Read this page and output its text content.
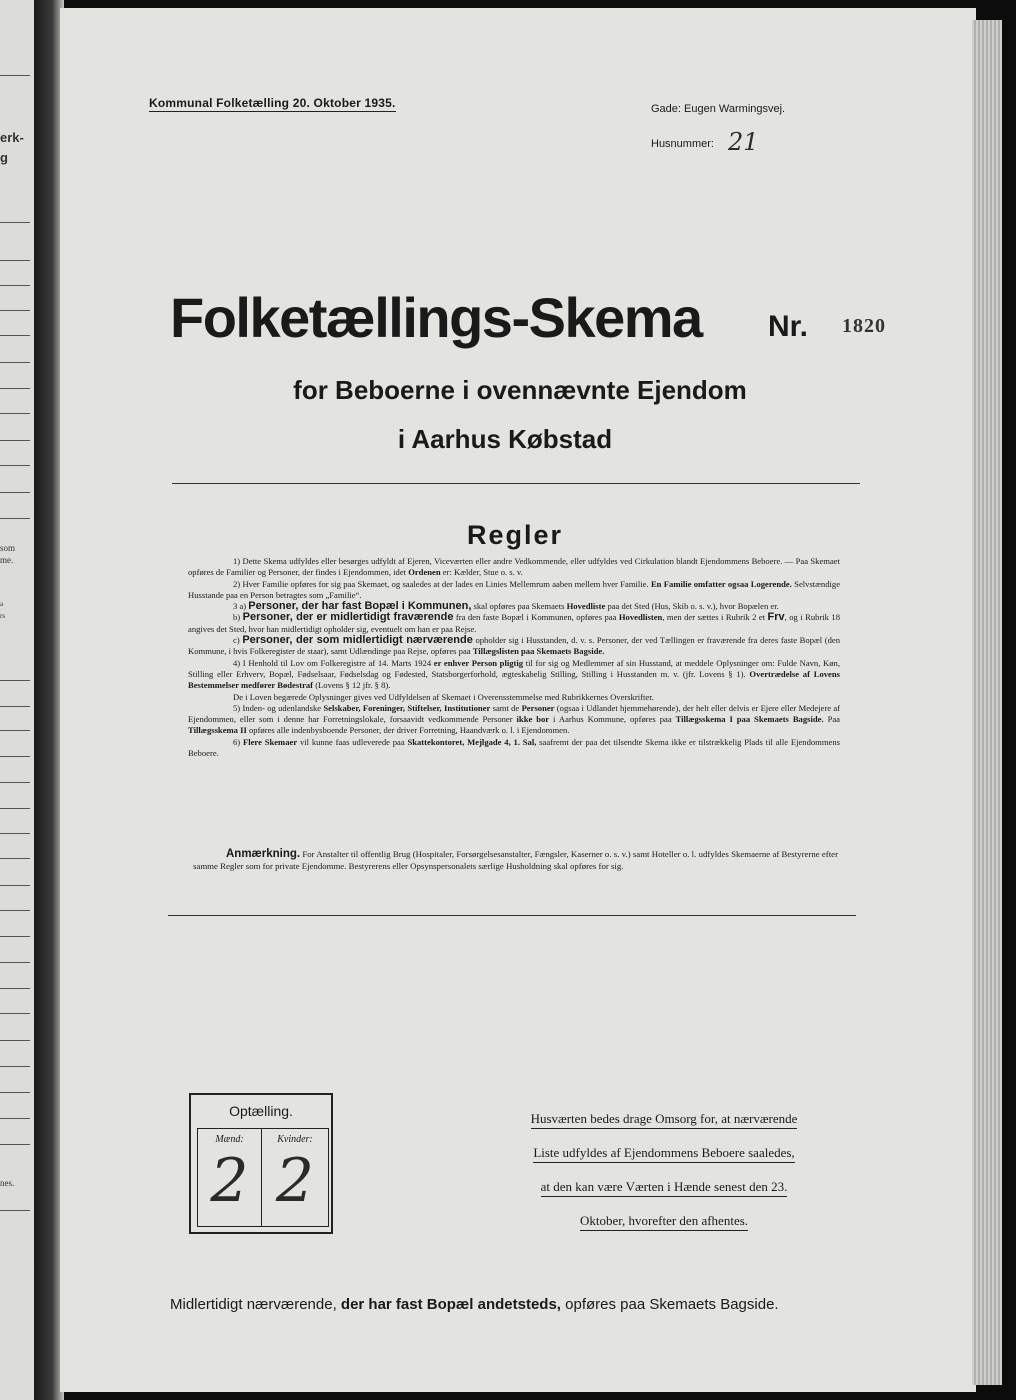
erk-
g
som
me.
a
rs
nes.
Kommunal Folketælling 20. Oktober 1935.	Gade: Eugen Warmingsvej.
Husnummer: 21
Folketællings-Skema Nr. 1820
for Beboerne i ovennævnte Ejendom
i Aarhus Købstad
Regler

1) Dette Skema udfyldes eller besørges udfyldt af Ejeren, Viceværten eller andre Vedkommende, eller udfyldes ved Cirkulation blandt Ejendommens Beboere. — Paa Skemaet opføres de Familier og Personer, der findes i Ejendommen, idet Ordenen er: Kælder, Stue o. s. v.

2) Hver Familie opføres for sig paa Skemaet, og saaledes at der lades en Linies Mellemrum aaben mellem hver Familie. En Familie omfatter ogsaa Logerende. Selvstændige Husstande paa en Person betragtes som „Familie“.

3 a) Personer, der har fast Bopæl i Kommunen, skal opføres paa Skemaets Hovedliste paa det Sted (Hus, Skib o. s. v.), hvor Bopælen er.

b) Personer, der er midlertidigt fraværende fra den faste Bopæl i Kommunen, opføres paa Hovedlisten, men der sættes i Rubrik 2 et Frv, og i Rubrik 18 angives det Sted, hvor han midlertidigt opholder sig, eventuelt om han er paa Rejse.

c) Personer, der som midlertidigt nærværende opholder sig i Husstanden, d. v. s. Personer, der ved Tællingen er fraværende fra deres faste Bopæl (den Kommune, i hvis Folkeregister de staar), samt Udlændinge paa Rejse, opføres paa Tillægslisten paa Skemaets Bagside.

4) I Henhold til Lov om Folkeregistre af 14. Marts 1924 er enhver Person pligtig til for sig og Medlemmer af sin Husstand, at meddele Oplysninger om: Fulde Navn, Køn, Stilling eller Erhverv, Bopæl, Fødselsaar, Fødselsdag og Fødested, Statsborgerforhold, ægteskabelig Stilling, Stilling i Husstanden m. v. (jfr. Lovens § 1). Overtrædelse af Lovens Bestemmelser medfører Bødestraf (Lovens § 12 jfr. § 8).

De i Loven begærede Oplysninger gives ved Udfyldelsen af Skemaet i Overensstemmelse med Rubrikkernes Overskrifter.

5) Inden- og udenlandske Selskaber, Foreninger, Stiftelser, Institutioner samt de Personer (ogsaa i Udlandet hjemmehørende), der helt eller delvis er Ejere eller Medejere af Ejendommen, eller som i denne har Forretningslokale, forsaavidt vedkommende Personer ikke bor i Aarhus Kommune, opføres paa Tillægsskema I paa Skemaets Bagside. Paa Tillægsskema II opføres alle indenbysboende Personer, der driver Forretning, Haandværk o. l. i Ejendommen.

6) Flere Skemaer vil kunne faas udleverede paa Skattekontoret, Mejlgade 4, 1. Sal, saafremt der paa det tilsendte Skema ikke er tilstrækkelig Plads til alle Ejendommens Beboere.

Anmærkning. For Anstalter til offentlig Brug (Hospitaler, Forsørgelsesanstalter, Fængsler, Kaserner o. s. v.) samt Hoteller o. l. udfyldes Skemaerne af Bestyrerne efter samme Regler som for private Ejendomme. Bestyrerens eller Opsynspersonalets særlige Husholdning skal opføres for sig.
Optælling.
Mænd:
2
Kvinder:
2
Husværten bedes drage Omsorg for, at nærværende
Liste udfyldes af Ejendommens Beboere saaledes,
at den kan være Værten i Hænde senest den 23.
Oktober, hvorefter den afhentes.
Midlertidigt nærværende, der har fast Bopæl andetsteds, opføres paa Skemaets Bagside.
